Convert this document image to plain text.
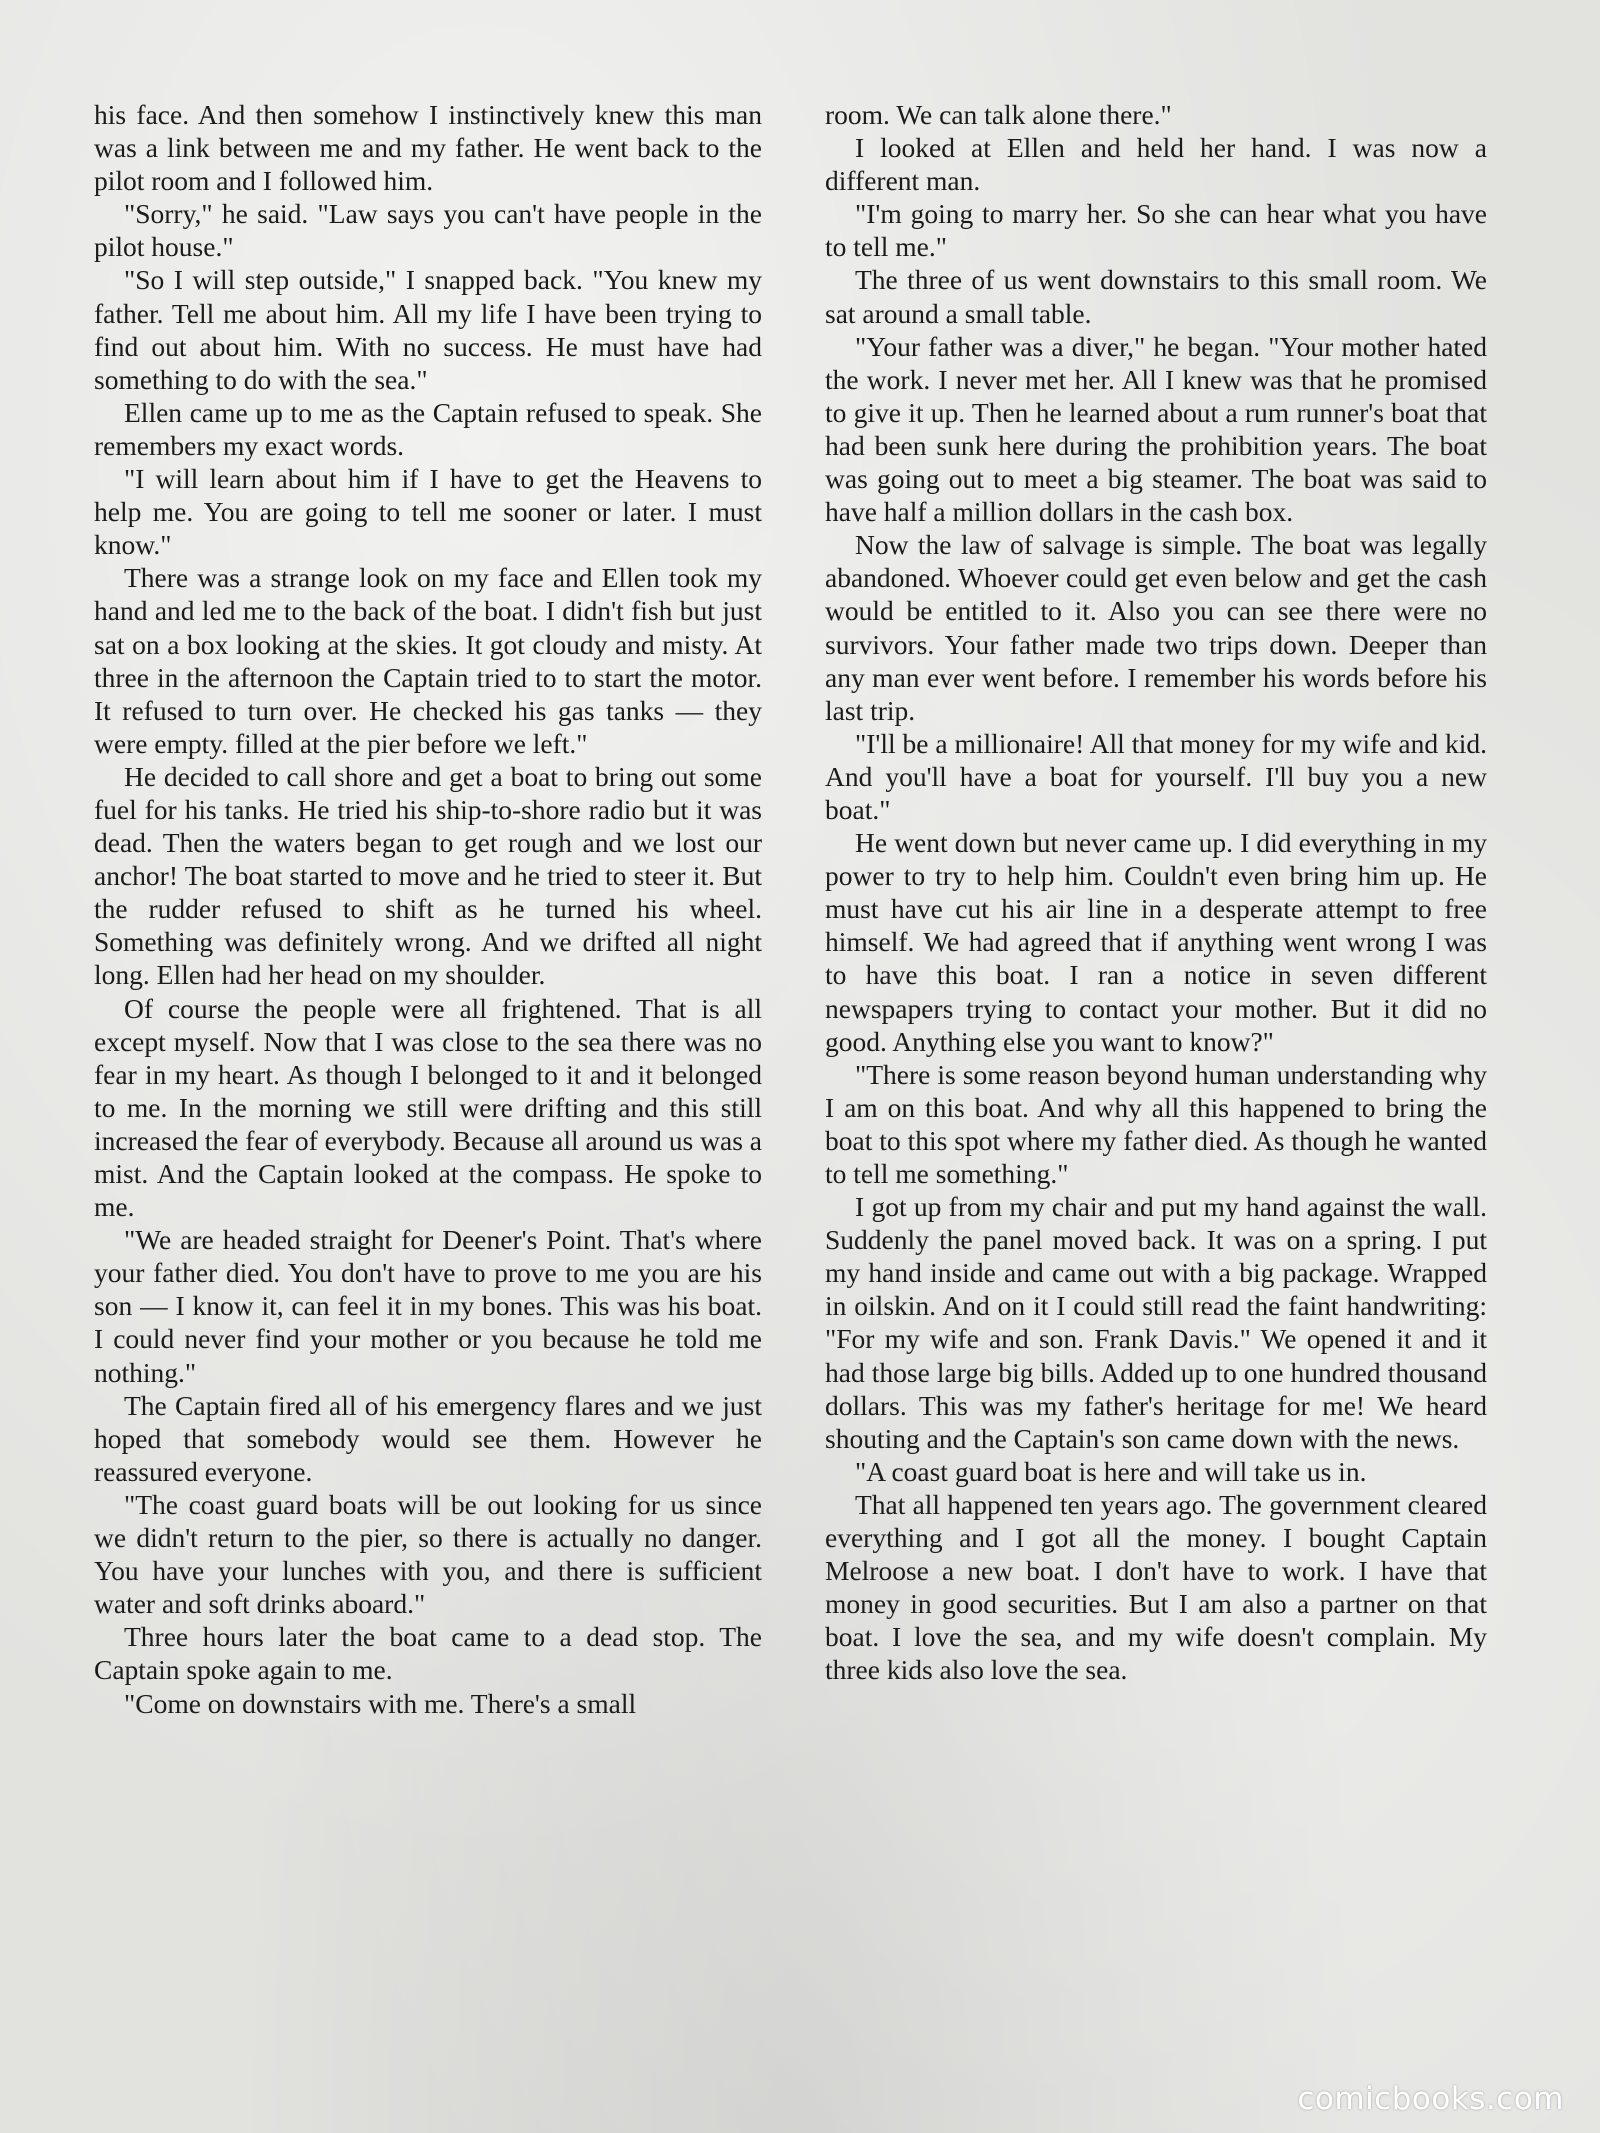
his face. And then somehow I instinctively knew this man was a link between me and my father. He went back to the pilot room and I followed him.

"Sorry," he said. "Law says you can't have people in the pilot house."

"So I will step outside," I snapped back. "You knew my father. Tell me about him. All my life I have been trying to find out about him. With no success. He must have had something to do with the sea."

Ellen came up to me as the Captain refused to speak. She remembers my exact words.

"I will learn about him if I have to get the Heavens to help me. You are going to tell me sooner or later. I must know."

There was a strange look on my face and Ellen took my hand and led me to the back of the boat. I didn't fish but just sat on a box looking at the skies. It got cloudy and misty. At three in the afternoon the Captain tried to to start the motor. It refused to turn over. He checked his gas tanks — they were empty. filled at the pier before we left."

He decided to call shore and get a boat to bring out some fuel for his tanks. He tried his ship-to-shore radio but it was dead. Then the waters began to get rough and we lost our anchor! The boat started to move and he tried to steer it. But the rudder refused to shift as he turned his wheel. Something was definitely wrong. And we drifted all night long. Ellen had her head on my shoulder.

Of course the people were all frightened. That is all except myself. Now that I was close to the sea there was no fear in my heart. As though I belonged to it and it belonged to me. In the morning we still were drifting and this still increased the fear of everybody. Because all around us was a mist. And the Captain looked at the compass. He spoke to me.

"We are headed straight for Deener's Point. That's where your father died. You don't have to prove to me you are his son — I know it, can feel it in my bones. This was his boat. I could never find your mother or you because he told me nothing."

The Captain fired all of his emergency flares and we just hoped that somebody would see them. However he reassured everyone.

"The coast guard boats will be out looking for us since we didn't return to the pier, so there is actually no danger. You have your lunches with you, and there is sufficient water and soft drinks aboard."

Three hours later the boat came to a dead stop. The Captain spoke again to me.

"Come on downstairs with me. There's a small

room. We can talk alone there."

I looked at Ellen and held her hand. I was now a different man.

"I'm going to marry her. So she can hear what you have to tell me."

The three of us went downstairs to this small room. We sat around a small table.

"Your father was a diver," he began. "Your mother hated the work. I never met her. All I knew was that he promised to give it up. Then he learned about a rum runner's boat that had been sunk here during the prohibition years. The boat was going out to meet a big steamer. The boat was said to have half a million dollars in the cash box.

Now the law of salvage is simple. The boat was legally abandoned. Whoever could get even below and get the cash would be entitled to it. Also you can see there were no survivors. Your father made two trips down. Deeper than any man ever went before. I remember his words before his last trip.

"I'll be a millionaire! All that money for my wife and kid. And you'll have a boat for yourself. I'll buy you a new boat."

He went down but never came up. I did everything in my power to try to help him. Couldn't even bring him up. He must have cut his air line in a desperate attempt to free himself. We had agreed that if anything went wrong I was to have this boat. I ran a notice in seven different newspapers trying to contact your mother. But it did no good. Anything else you want to know?"

"There is some reason beyond human understanding why I am on this boat. And why all this happened to bring the boat to this spot where my father died. As though he wanted to tell me something."

I got up from my chair and put my hand against the wall. Suddenly the panel moved back. It was on a spring. I put my hand inside and came out with a big package. Wrapped in oilskin. And on it I could still read the faint handwriting: "For my wife and son. Frank Davis." We opened it and it had those large big bills. Added up to one hundred thousand dollars. This was my father's heritage for me! We heard shouting and the Captain's son came down with the news.

"A coast guard boat is here and will take us in.

That all happened ten years ago. The government cleared everything and I got all the money. I bought Captain Melroose a new boat. I don't have to work. I have that money in good securities. But I am also a partner on that boat. I love the sea, and my wife doesn't complain. My three kids also love the sea.

comicbooks.com
